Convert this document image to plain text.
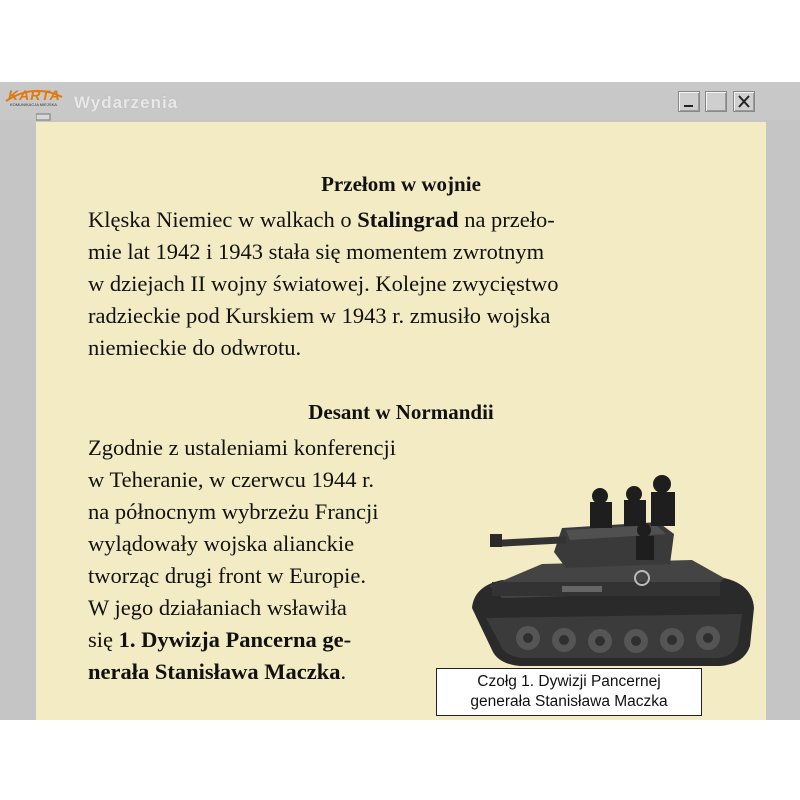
KARTA
KOMUNIKACJA MIEJSKA Wydarzenia
Przełom w wojnie
Klęska Niemiec w walkach o Stalingrad na przeło-
mie lat 1942 i 1943 stała się momentem zwrotnym
w dziejach II wojny światowej. Kolejne zwycięstwo
radzieckie pod Kurskiem w 1943 r. zmusiło wojska
niemieckie do odwrotu.
Desant w Normandii
Zgodnie z ustaleniami konferencji
w Teheranie, w czerwcu 1944 r.
na północnym wybrzeżu Francji
wylądowały wojska alianckie
tworząc drugi front w Europie.
W jego działaniach wsławiła
się 1. Dywizja Pancerna ge-
nerała Stanisława Maczka.	Czołg 1. Dywizji Pancernej
generała Stanisława Maczka
